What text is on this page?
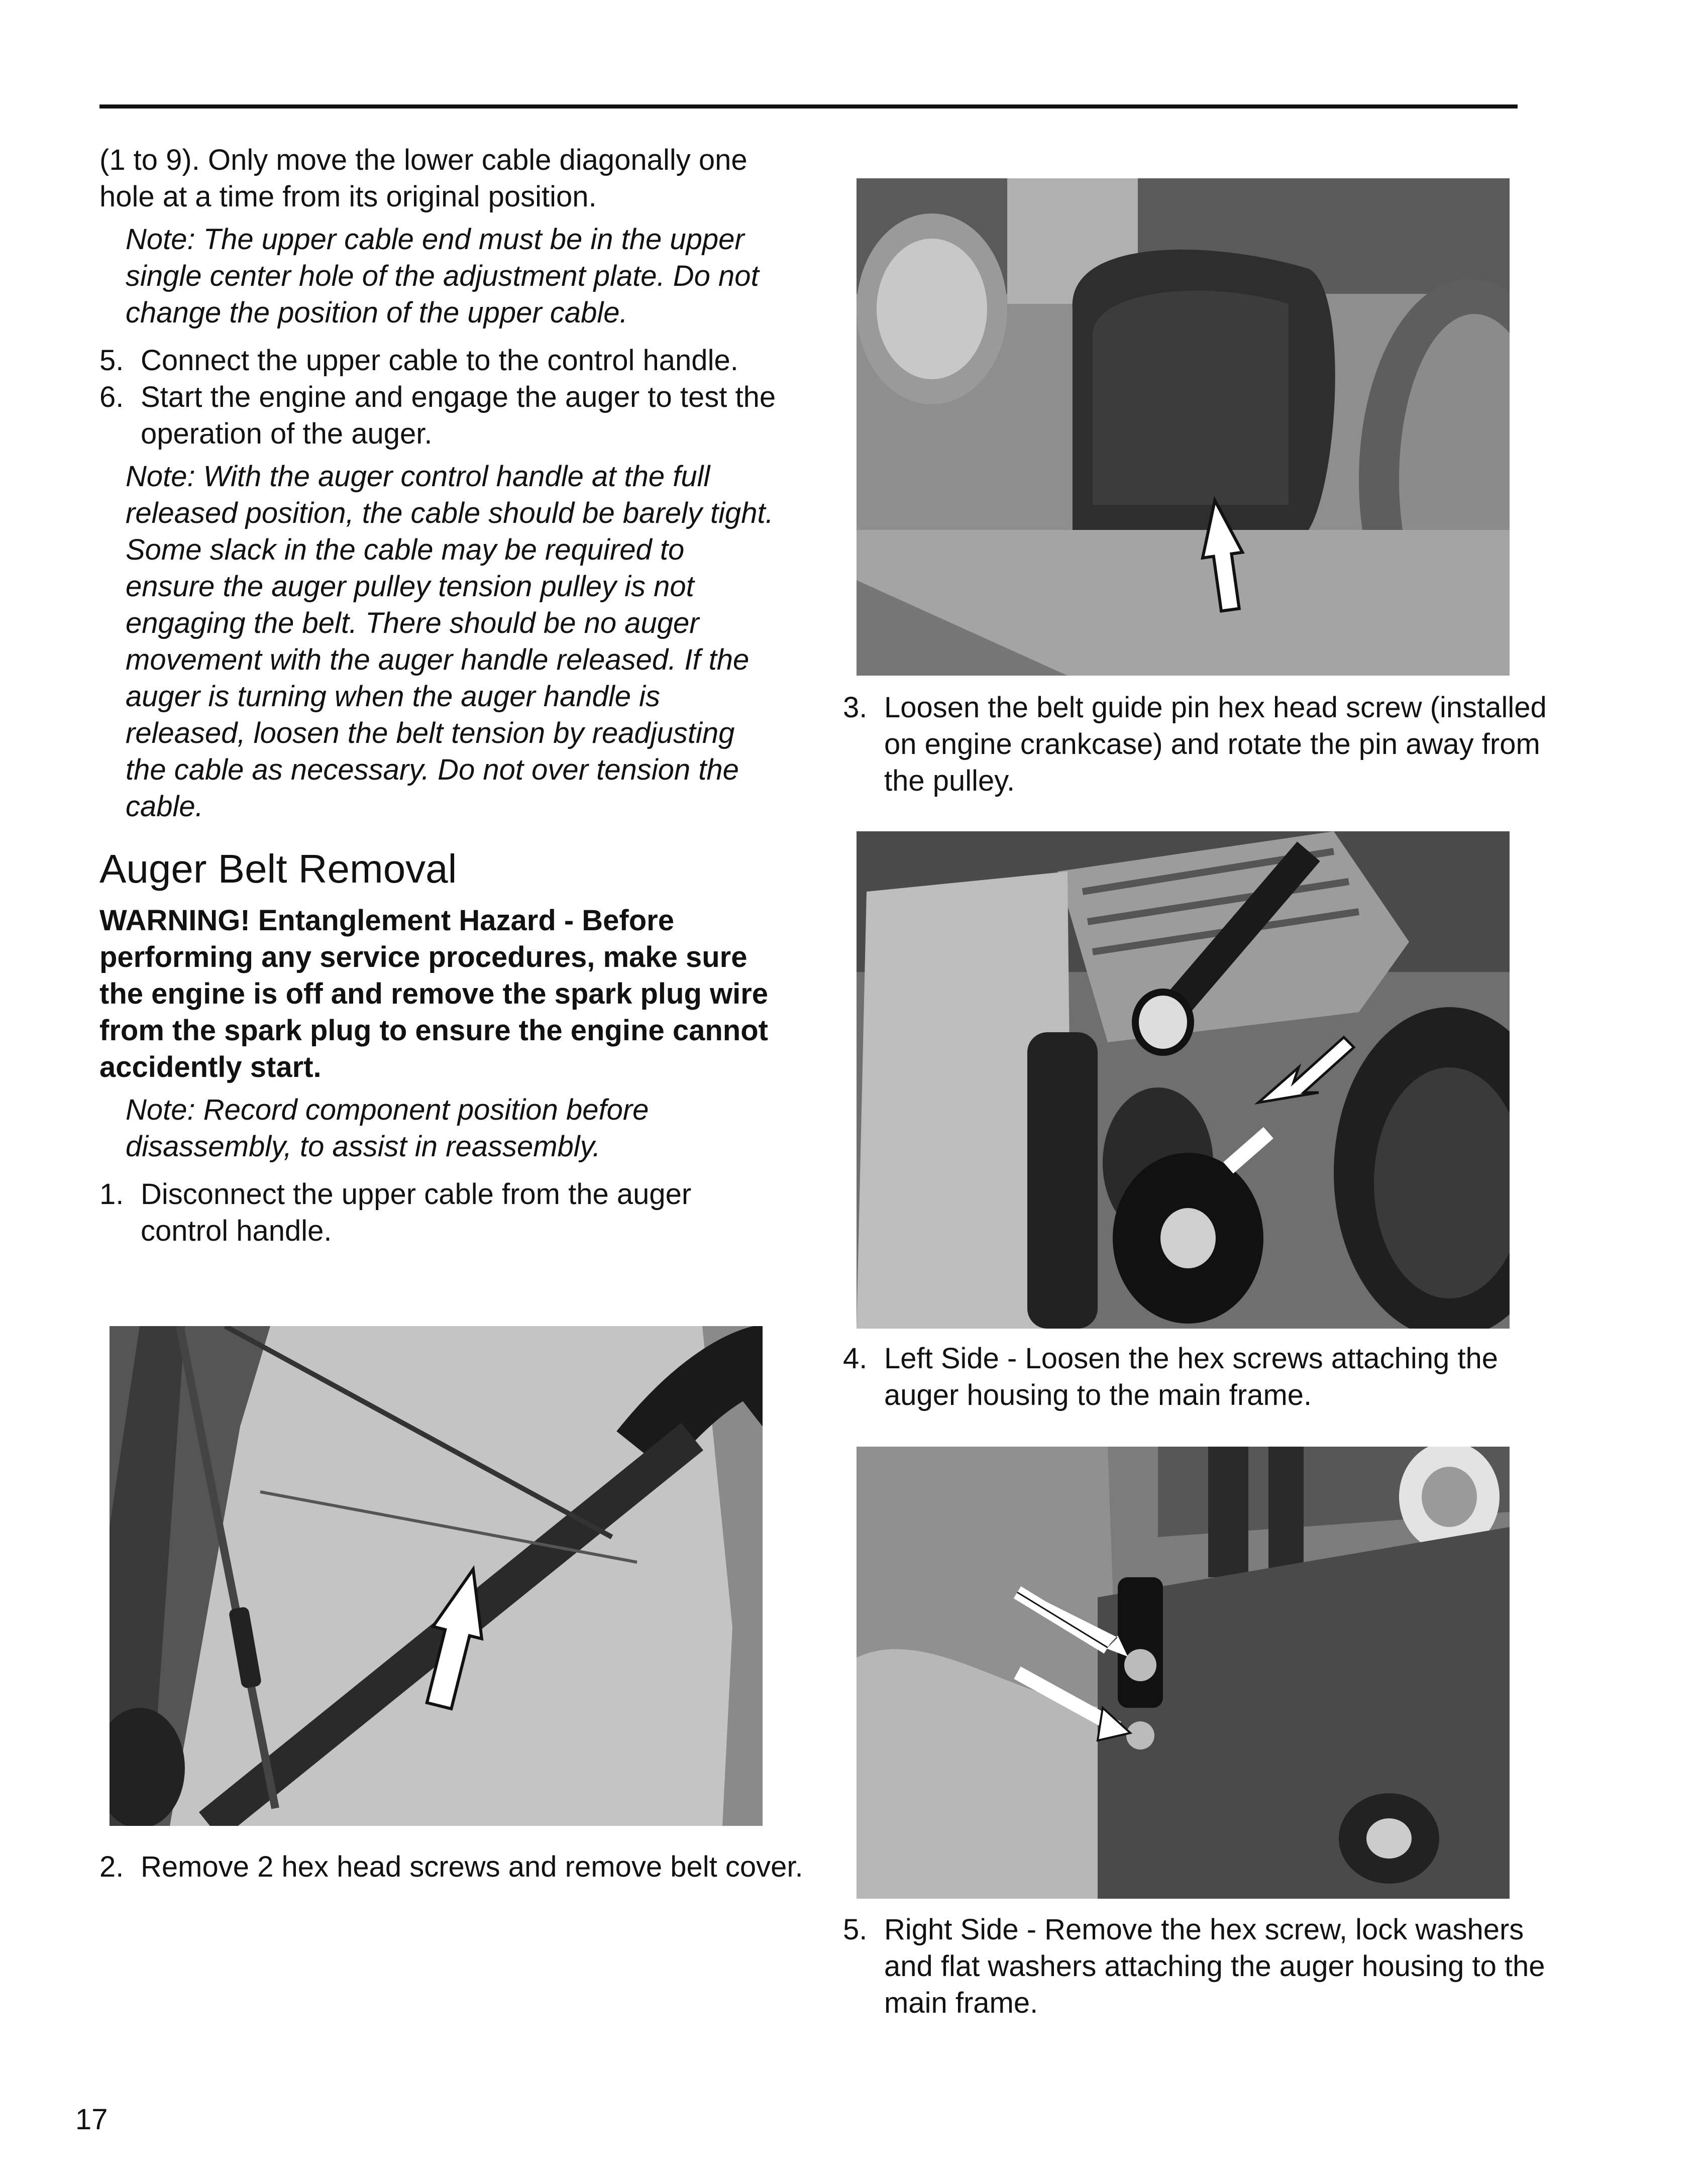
(1 to 9). Only move the lower cable diagonally one hole at a time from its original position.

Note: The upper cable end must be in the upper single center hole of the adjustment plate. Do not change the position of the upper cable.

5. Connect the upper cable to the control handle.

6. Start the engine and engage the auger to test the operation of the auger.

Note: With the auger control handle at the full released position, the cable should be barely tight. Some slack in the cable may be required to ensure the auger pulley tension pulley is not engaging the belt. There should be no auger movement with the auger handle released. If the auger is turning when the auger handle is released, loosen the belt tension by readjusting the cable as necessary. Do not over tension the cable.

Auger Belt Removal

WARNING! Entanglement Hazard - Before performing any service procedures, make sure the engine is off and remove the spark plug wire from the spark plug to ensure the engine cannot accidently start.

Note: Record component position before disassembly, to assist in reassembly.

1. Disconnect the upper cable from the auger control handle.

2. Remove 2 hex head screws and remove belt cover.

3. Loosen the belt guide pin hex head screw (installed on engine crankcase) and rotate the pin away from the pulley.

4. Left Side - Loosen the hex screws attaching the auger housing to the main frame.

5. Right Side - Remove the hex screw, lock washers and flat washers attaching the auger housing to the main frame.

17
